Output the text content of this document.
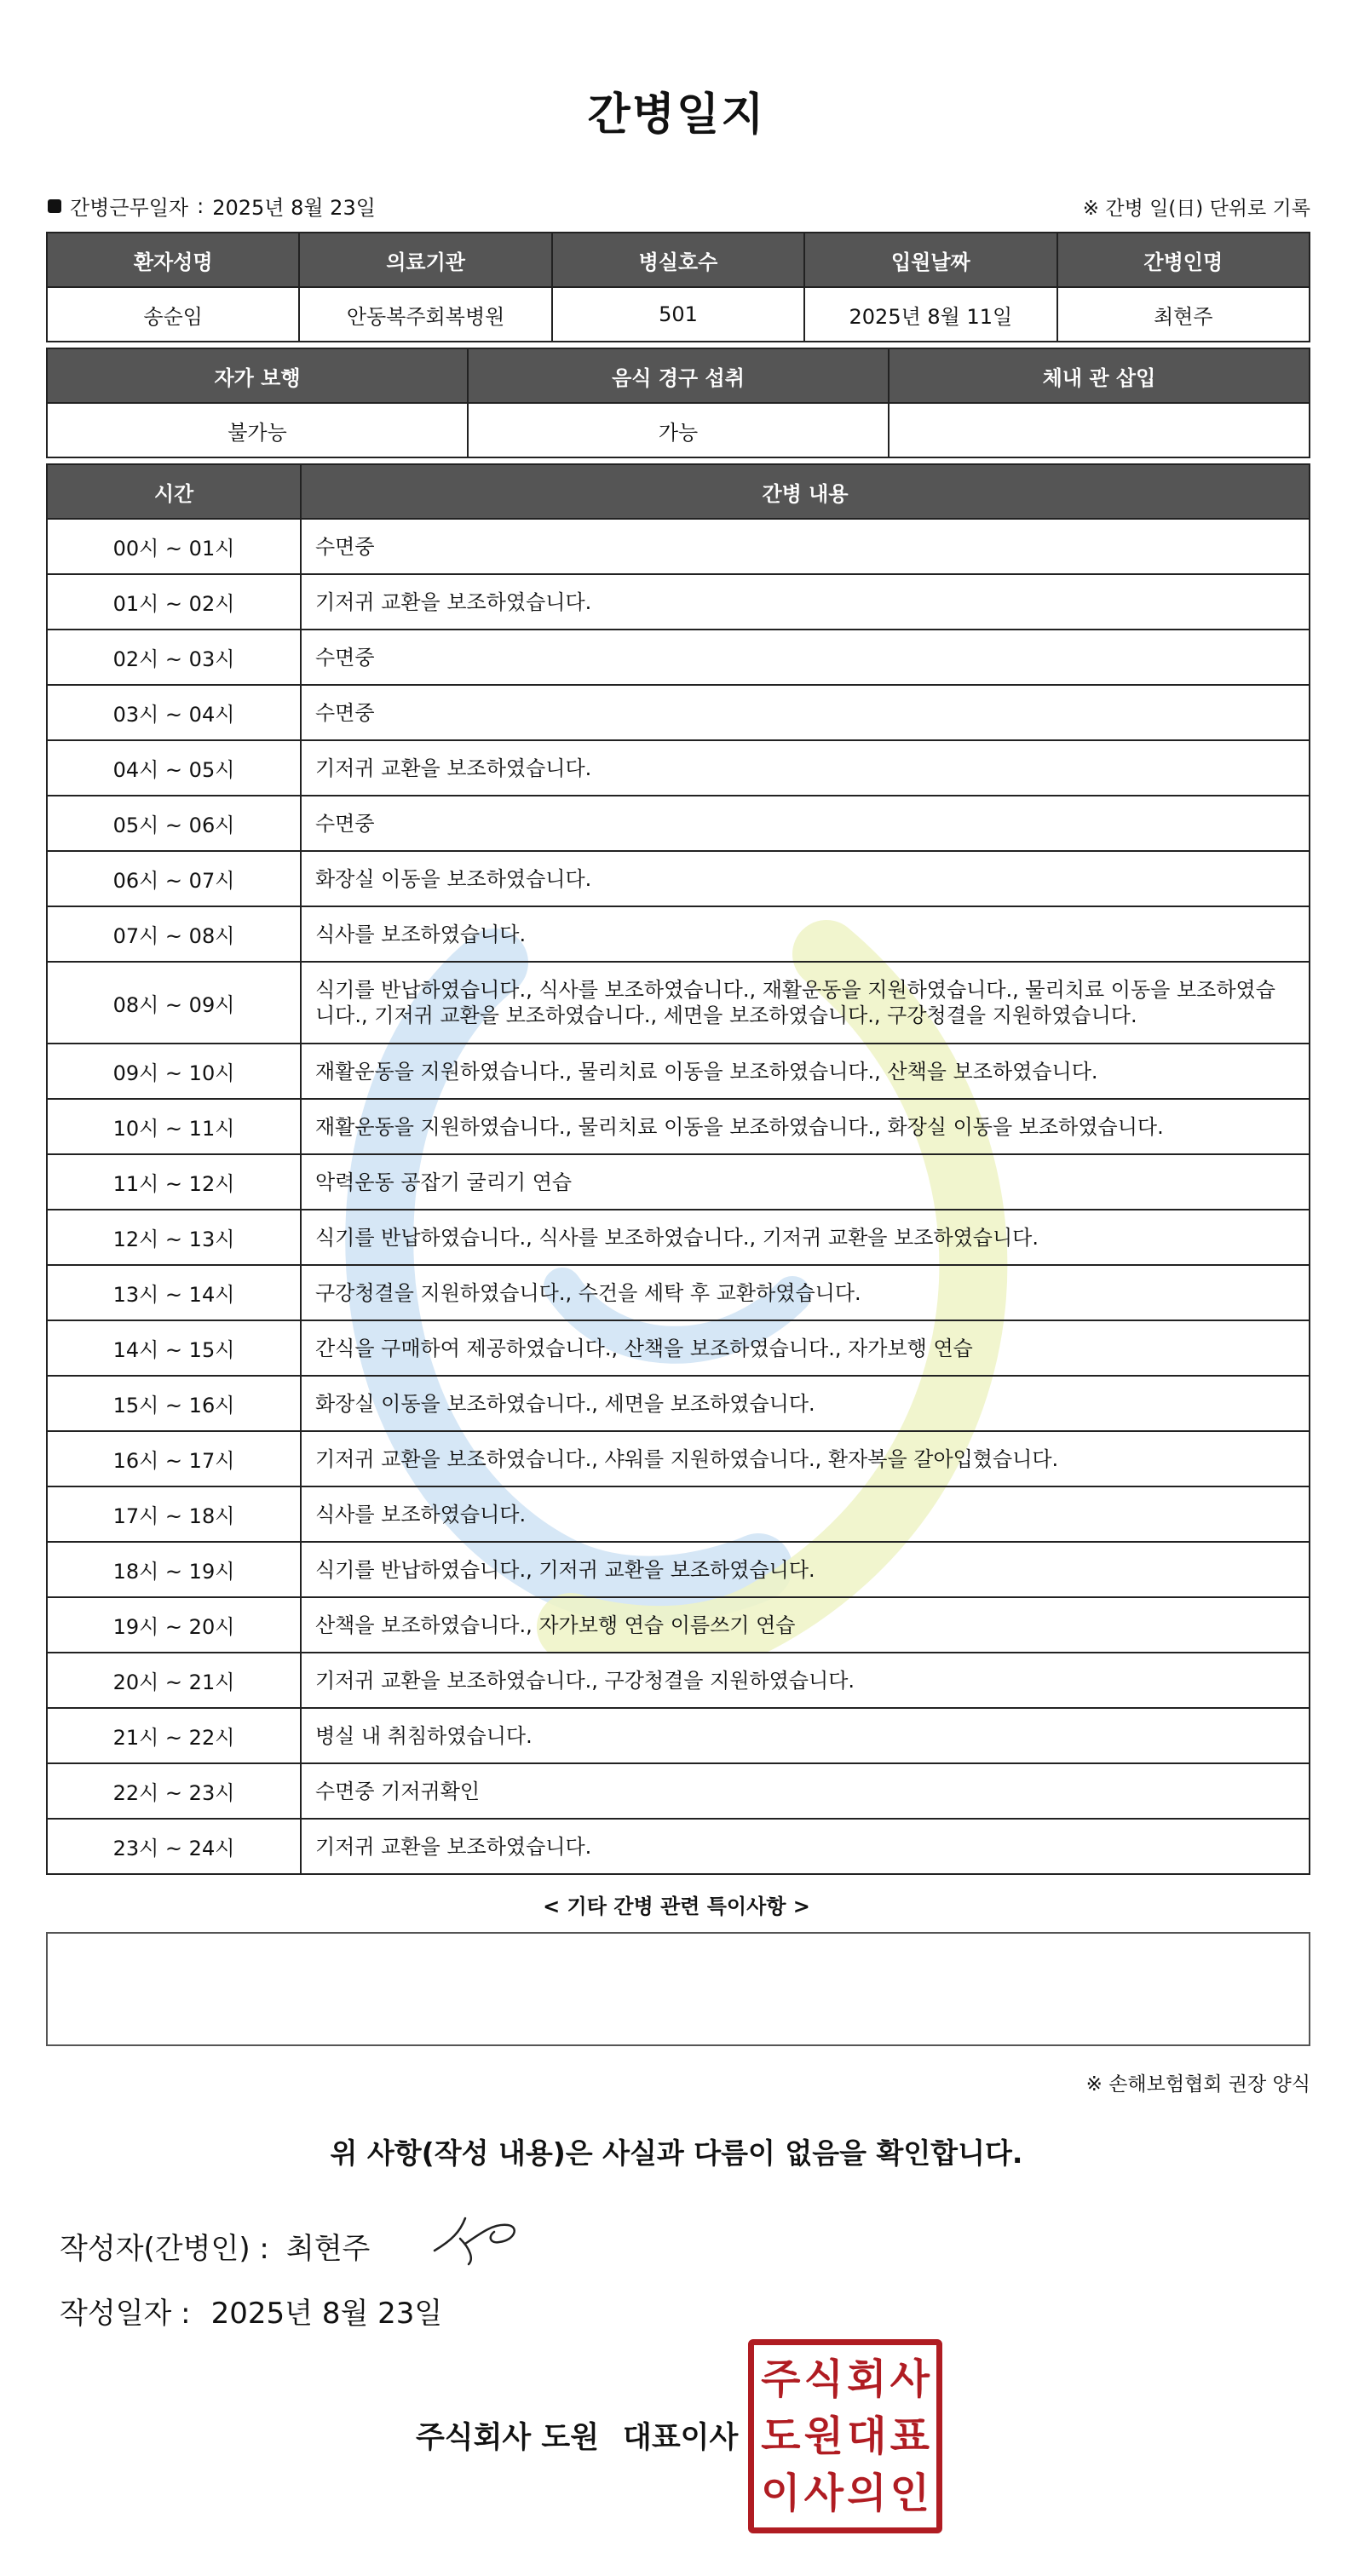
간병일지
간병근무일자 : 2025년 8월 23일	※ 간병 일(日) 단위로 기록
환자성명	의료기관	병실호수	입원날짜	간병인명
송순임	안동복주회복병원	501	2025년 8월 11일	최현주
자가 보행	음식 경구 섭취	체내 관 삽입
불가능	가능	
시간	간병 내용
00시 ~ 01시	수면중
01시 ~ 02시	기저귀 교환을 보조하였습니다.
02시 ~ 03시	수면중
03시 ~ 04시	수면중
04시 ~ 05시	기저귀 교환을 보조하였습니다.
05시 ~ 06시	수면중
06시 ~ 07시	화장실 이동을 보조하였습니다.
07시 ~ 08시	식사를 보조하였습니다.
08시 ~ 09시	식기를 반납하였습니다., 식사를 보조하였습니다., 재활운동을 지원하였습니다., 물리치료 이동을 보조하였습니다., 기저귀 교환을 보조하였습니다., 세면을 보조하였습니다., 구강청결을 지원하였습니다.
09시 ~ 10시	재활운동을 지원하였습니다., 물리치료 이동을 보조하였습니다., 산책을 보조하였습니다.
10시 ~ 11시	재활운동을 지원하였습니다., 물리치료 이동을 보조하였습니다., 화장실 이동을 보조하였습니다.
11시 ~ 12시	악력운동 공잡기 굴리기 연습
12시 ~ 13시	식기를 반납하였습니다., 식사를 보조하였습니다., 기저귀 교환을 보조하였습니다.
13시 ~ 14시	구강청결을 지원하였습니다., 수건을 세탁 후 교환하였습니다.
14시 ~ 15시	간식을 구매하여 제공하였습니다., 산책을 보조하였습니다., 자가보행 연습
15시 ~ 16시	화장실 이동을 보조하였습니다., 세면을 보조하였습니다.
16시 ~ 17시	기저귀 교환을 보조하였습니다., 샤워를 지원하였습니다., 환자복을 갈아입혔습니다.
17시 ~ 18시	식사를 보조하였습니다.
18시 ~ 19시	식기를 반납하였습니다., 기저귀 교환을 보조하였습니다.
19시 ~ 20시	산책을 보조하였습니다., 자가보행 연습 이름쓰기 연습
20시 ~ 21시	기저귀 교환을 보조하였습니다., 구강청결을 지원하였습니다.
21시 ~ 22시	병실 내 취침하였습니다.
22시 ~ 23시	수면중 기저귀확인
23시 ~ 24시	기저귀 교환을 보조하였습니다.
< 기타 간병 관련 특이사항 >
※ 손해보험협회 권장 양식
위 사항(작성 내용)은 사실과 다름이 없음을 확인합니다.
작성자(간병인) : 최현주
작성일자 : 2025년 8월 23일
주식회사 도원 대표이사
주 식 회 사
도 원 대 표
이 사 의 인
